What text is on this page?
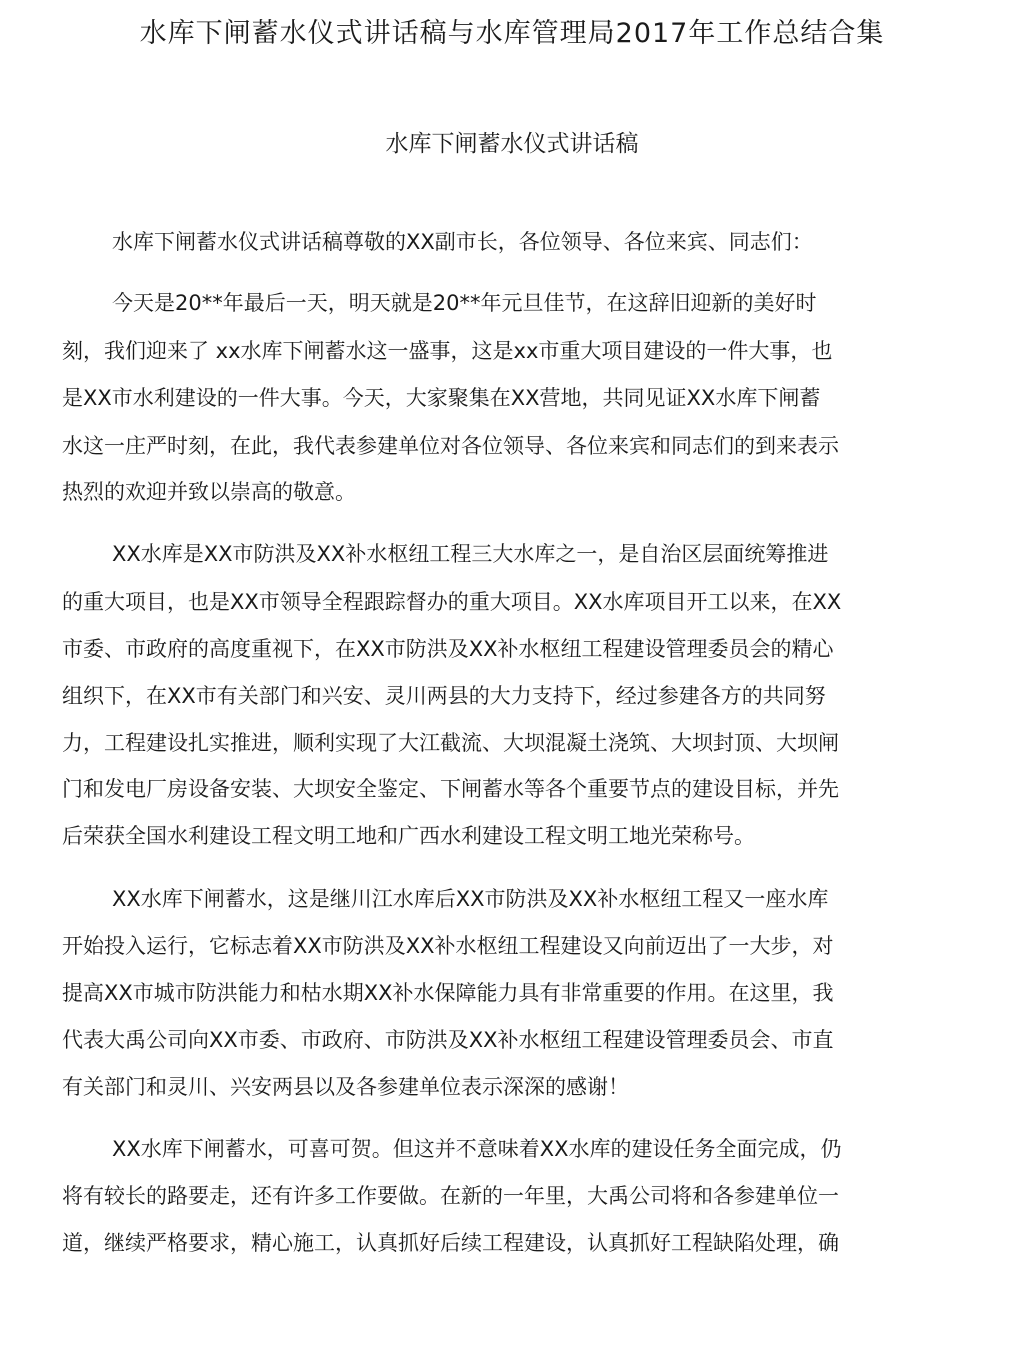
水库下闸蓄水仪式讲话稿与水库管理局2017年工作总结合集
水库下闸蓄水仪式讲话稿

水库下闸蓄水仪式讲话稿尊敬的XX副市长，各位领导、各位来宾、同志们：

今天是20**年最后一天，明天就是20**年元旦佳节，在这辞旧迎新的美好时

刻，我们迎来了 xx水库下闸蓄水这一盛事，这是xx市重大项目建设的一件大事，也

是XX市水利建设的一件大事。今天，大家聚集在XX营地，共同见证XX水库下闸蓄

水这一庄严时刻，在此，我代表参建单位对各位领导、各位来宾和同志们的到来表示

热烈的欢迎并致以崇高的敬意。

XX水库是XX市防洪及XX补水枢纽工程三大水库之一，是自治区层面统筹推进

的重大项目，也是XX市领导全程跟踪督办的重大项目。XX水库项目开工以来，在XX

市委、市政府的高度重视下，在XX市防洪及XX补水枢纽工程建设管理委员会的精心

组织下，在XX市有关部门和兴安、灵川两县的大力支持下，经过参建各方的共同努

力，工程建设扎实推进，顺利实现了大江截流、大坝混凝土浇筑、大坝封顶、大坝闸

门和发电厂房设备安装、大坝安全鉴定、下闸蓄水等各个重要节点的建设目标，并先

后荣获全国水利建设工程文明工地和广西水利建设工程文明工地光荣称号。

XX水库下闸蓄水，这是继川江水库后XX市防洪及XX补水枢纽工程又一座水库

开始投入运行，它标志着XX市防洪及XX补水枢纽工程建设又向前迈出了一大步，对

提高XX市城市防洪能力和枯水期XX补水保障能力具有非常重要的作用。在这里，我

代表大禹公司向XX市委、市政府、市防洪及XX补水枢纽工程建设管理委员会、市直

有关部门和灵川、兴安两县以及各参建单位表示深深的感谢！

XX水库下闸蓄水，可喜可贺。但这并不意味着XX水库的建设任务全面完成，仍

将有较长的路要走，还有许多工作要做。在新的一年里，大禹公司将和各参建单位一

道，继续严格要求，精心施工，认真抓好后续工程建设，认真抓好工程缺陷处理，确
